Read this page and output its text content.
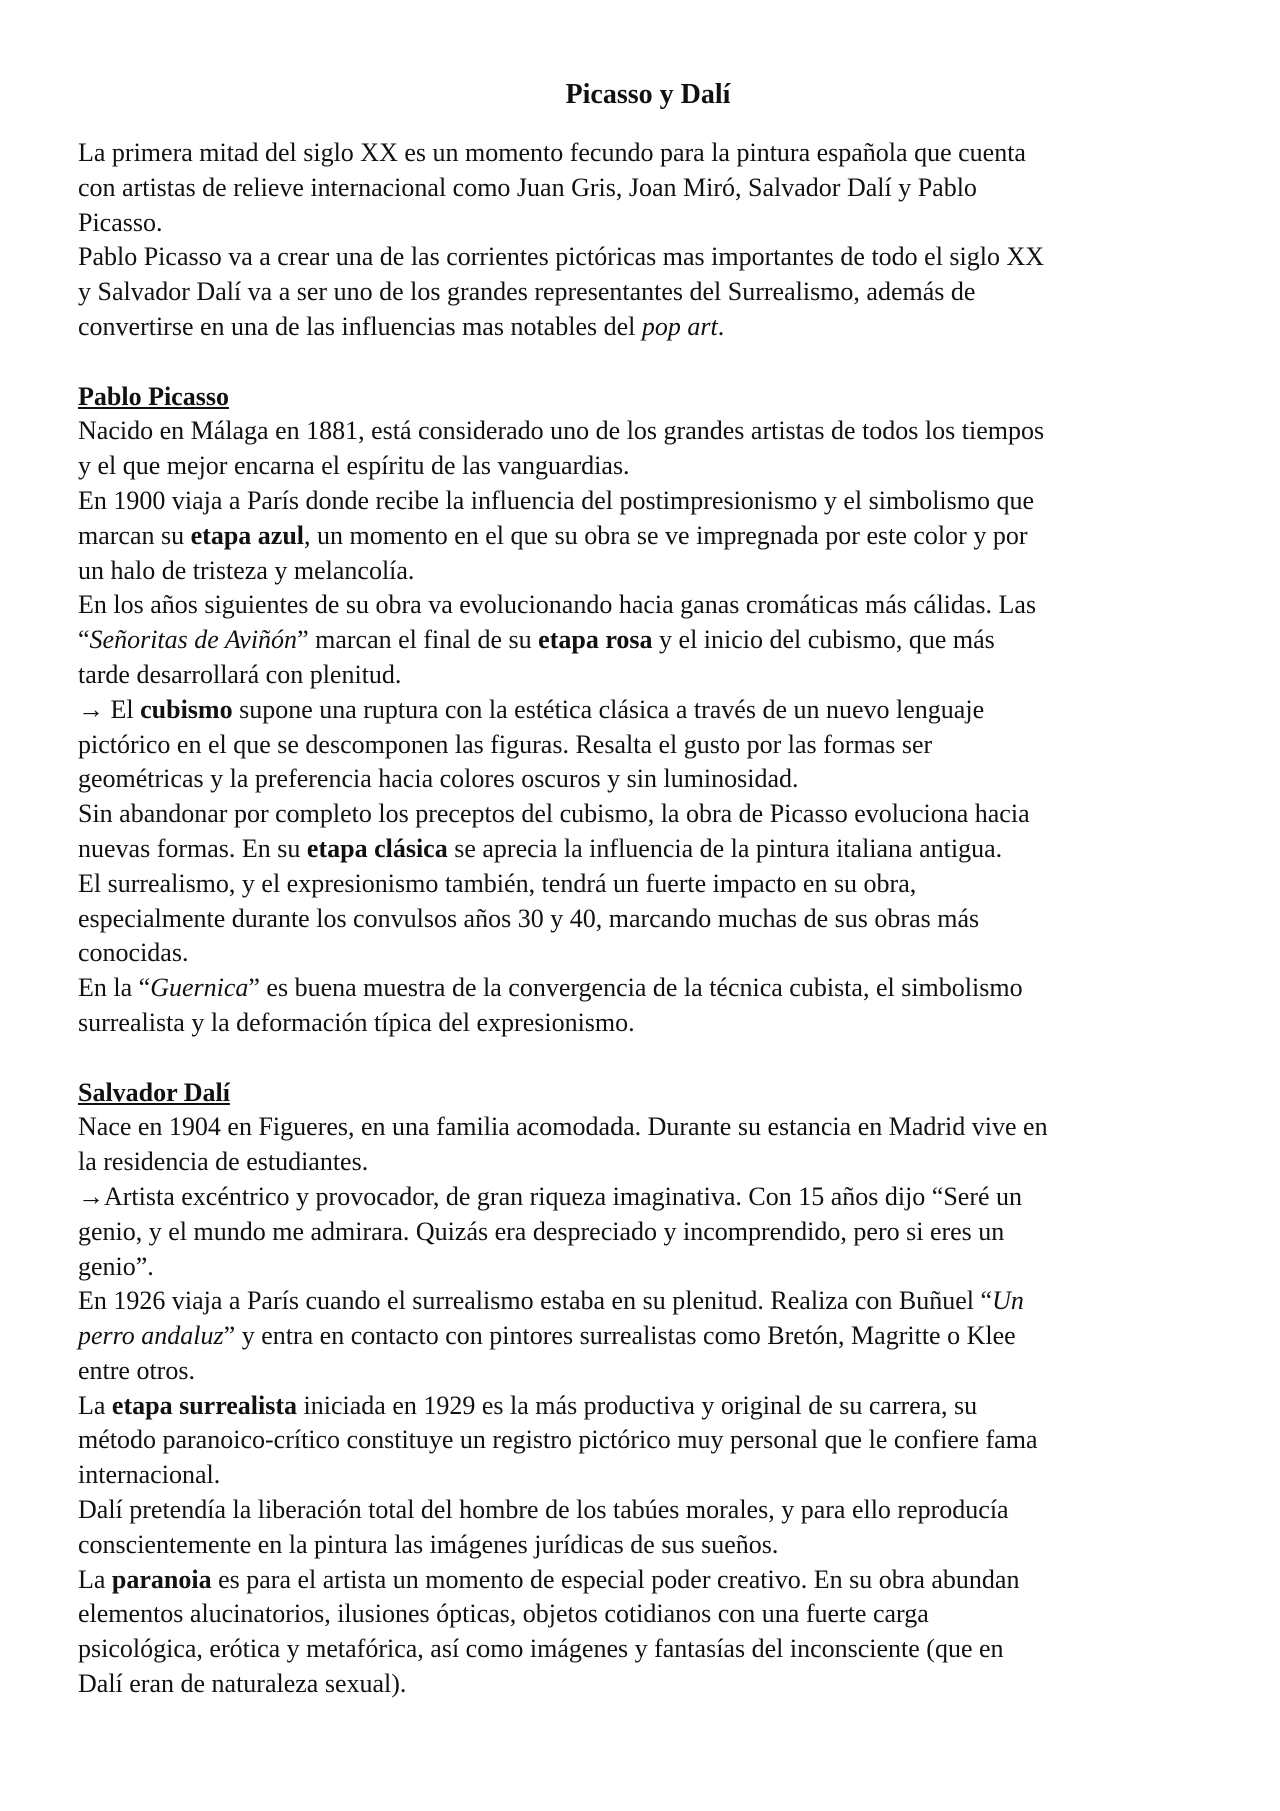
Picasso y Dalí

La primera mitad del siglo XX es un momento fecundo para la pintura española que cuenta
con artistas de relieve internacional como Juan Gris, Joan Miró, Salvador Dalí y Pablo
Picasso.

Pablo Picasso va a crear una de las corrientes pictóricas mas importantes de todo el siglo XX
y Salvador Dalí va a ser uno de los grandes representantes del Surrealismo, además de
convertirse en una de las influencias mas notables del pop art.

Pablo Picasso

Nacido en Málaga en 1881, está considerado uno de los grandes artistas de todos los tiempos
y el que mejor encarna el espíritu de las vanguardias.

En 1900 viaja a París donde recibe la influencia del postimpresionismo y el simbolismo que
marcan su etapa azul, un momento en el que su obra se ve impregnada por este color y por
un halo de tristeza y melancolía.

En los años siguientes de su obra va evolucionando hacia ganas cromáticas más cálidas. Las
“Señoritas de Aviñón” marcan el final de su etapa rosa y el inicio del cubismo, que más
tarde desarrollará con plenitud.

→ El cubismo supone una ruptura con la estética clásica a través de un nuevo lenguaje
pictórico en el que se descomponen las figuras. Resalta el gusto por las formas ser
geométricas y la preferencia hacia colores oscuros y sin luminosidad.

Sin abandonar por completo los preceptos del cubismo, la obra de Picasso evoluciona hacia
nuevas formas. En su etapa clásica se aprecia la influencia de la pintura italiana antigua.

El surrealismo, y el expresionismo también, tendrá un fuerte impacto en su obra,
especialmente durante los convulsos años 30 y 40, marcando muchas de sus obras más
conocidas.

En la “Guernica” es buena muestra de la convergencia de la técnica cubista, el simbolismo
surrealista y la deformación típica del expresionismo.

Salvador Dalí

Nace en 1904 en Figueres, en una familia acomodada. Durante su estancia en Madrid vive en
la residencia de estudiantes.

→Artista excéntrico y provocador, de gran riqueza imaginativa. Con 15 años dijo “Seré un
genio, y el mundo me admirara. Quizás era despreciado y incomprendido, pero si eres un
genio”.

En 1926 viaja a París cuando el surrealismo estaba en su plenitud. Realiza con Buñuel “Un
perro andaluz” y entra en contacto con pintores surrealistas como Bretón, Magritte o Klee
entre otros.

La etapa surrealista iniciada en 1929 es la más productiva y original de su carrera, su
método paranoico-crítico constituye un registro pictórico muy personal que le confiere fama
internacional.

Dalí pretendía la liberación total del hombre de los tabúes morales, y para ello reproducía
conscientemente en la pintura las imágenes jurídicas de sus sueños.

La paranoia es para el artista un momento de especial poder creativo. En su obra abundan
elementos alucinatorios, ilusiones ópticas, objetos cotidianos con una fuerte carga
psicológica, erótica y metafórica, así como imágenes y fantasías del inconsciente (que en
Dalí eran de naturaleza sexual).
